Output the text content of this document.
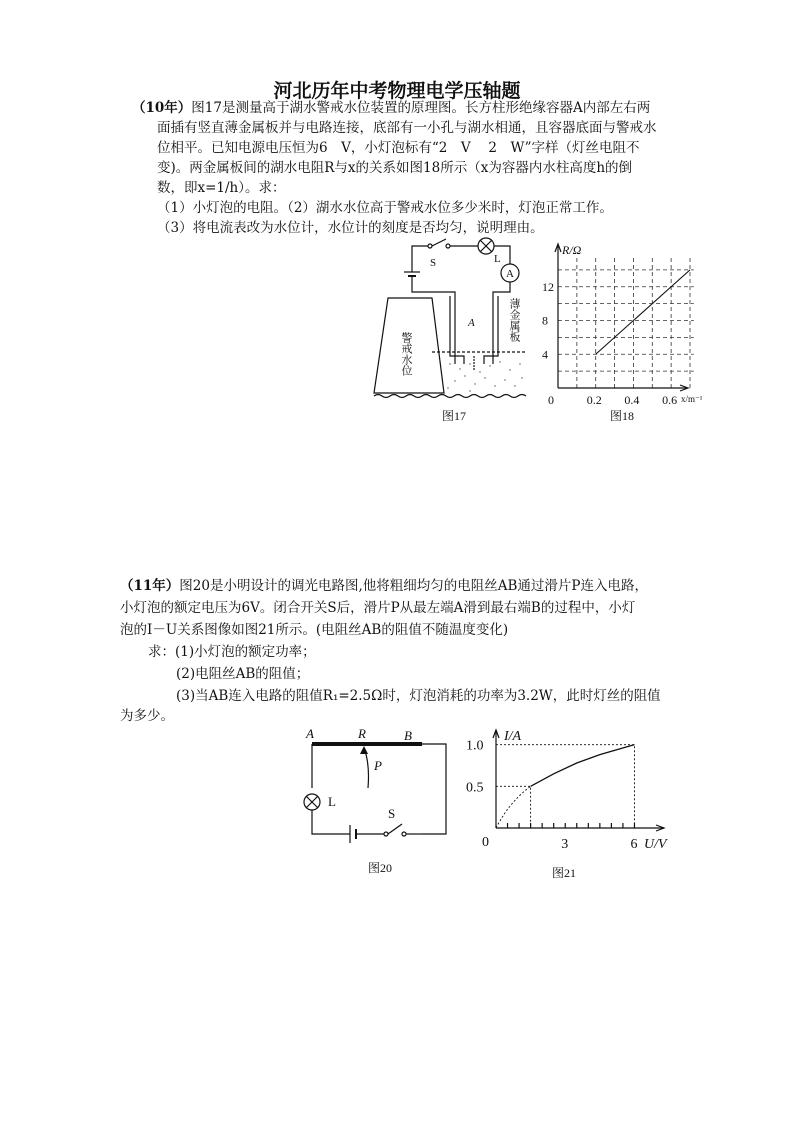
河北历年中考物理电学压轴题
（10年）图17是测量高于湖水警戒水位装置的原理图。长方柱形绝缘容器A内部左右两
面插有竖直薄金属板并与电路连接，底部有一小孔与湖水相通，且容器底面与警戒水
位相平。已知电源电压恒为6　V，小灯泡标有“2　V　 2　W”字样（灯丝电阻不
变)。两金属板间的湖水电阻R与x的关系如图18所示（x为容器内水柱高度h的倒
数，即x=1/h）。求：
（1）小灯泡的电阻。（2）湖水水位高于警戒水位多少米时，灯泡正常工作。
（3）将电流表改为水位计，水位计的刻度是否均匀，说明理由。
S	L
A
A	薄金属板
警戒水位
图17
R/Ω
x/m⁻¹
0
4
8
12
0.2 0.4 0.6
图18
（11年）图20是小明设计的调光电路图,他将粗细均匀的电阻丝AB通过滑片P连入电路，
小灯泡的额定电压为6V。闭合开关S后，滑片P从最左端A滑到最右端B的过程中，小灯
泡的I－U关系图像如图21所示。(电阻丝AB的阻值不随温度变化)
求：(1)小灯泡的额定功率；
(2)电阻丝AB的阻值；
(3)当AB连入电路的阻值R₁=2.5Ω时，灯泡消耗的功率为3.2W，此时灯丝的阻值
为多少。
A	R	B
P
L
S
图20
I/A
U/V
0
0.5
1.0
3	6
图21
